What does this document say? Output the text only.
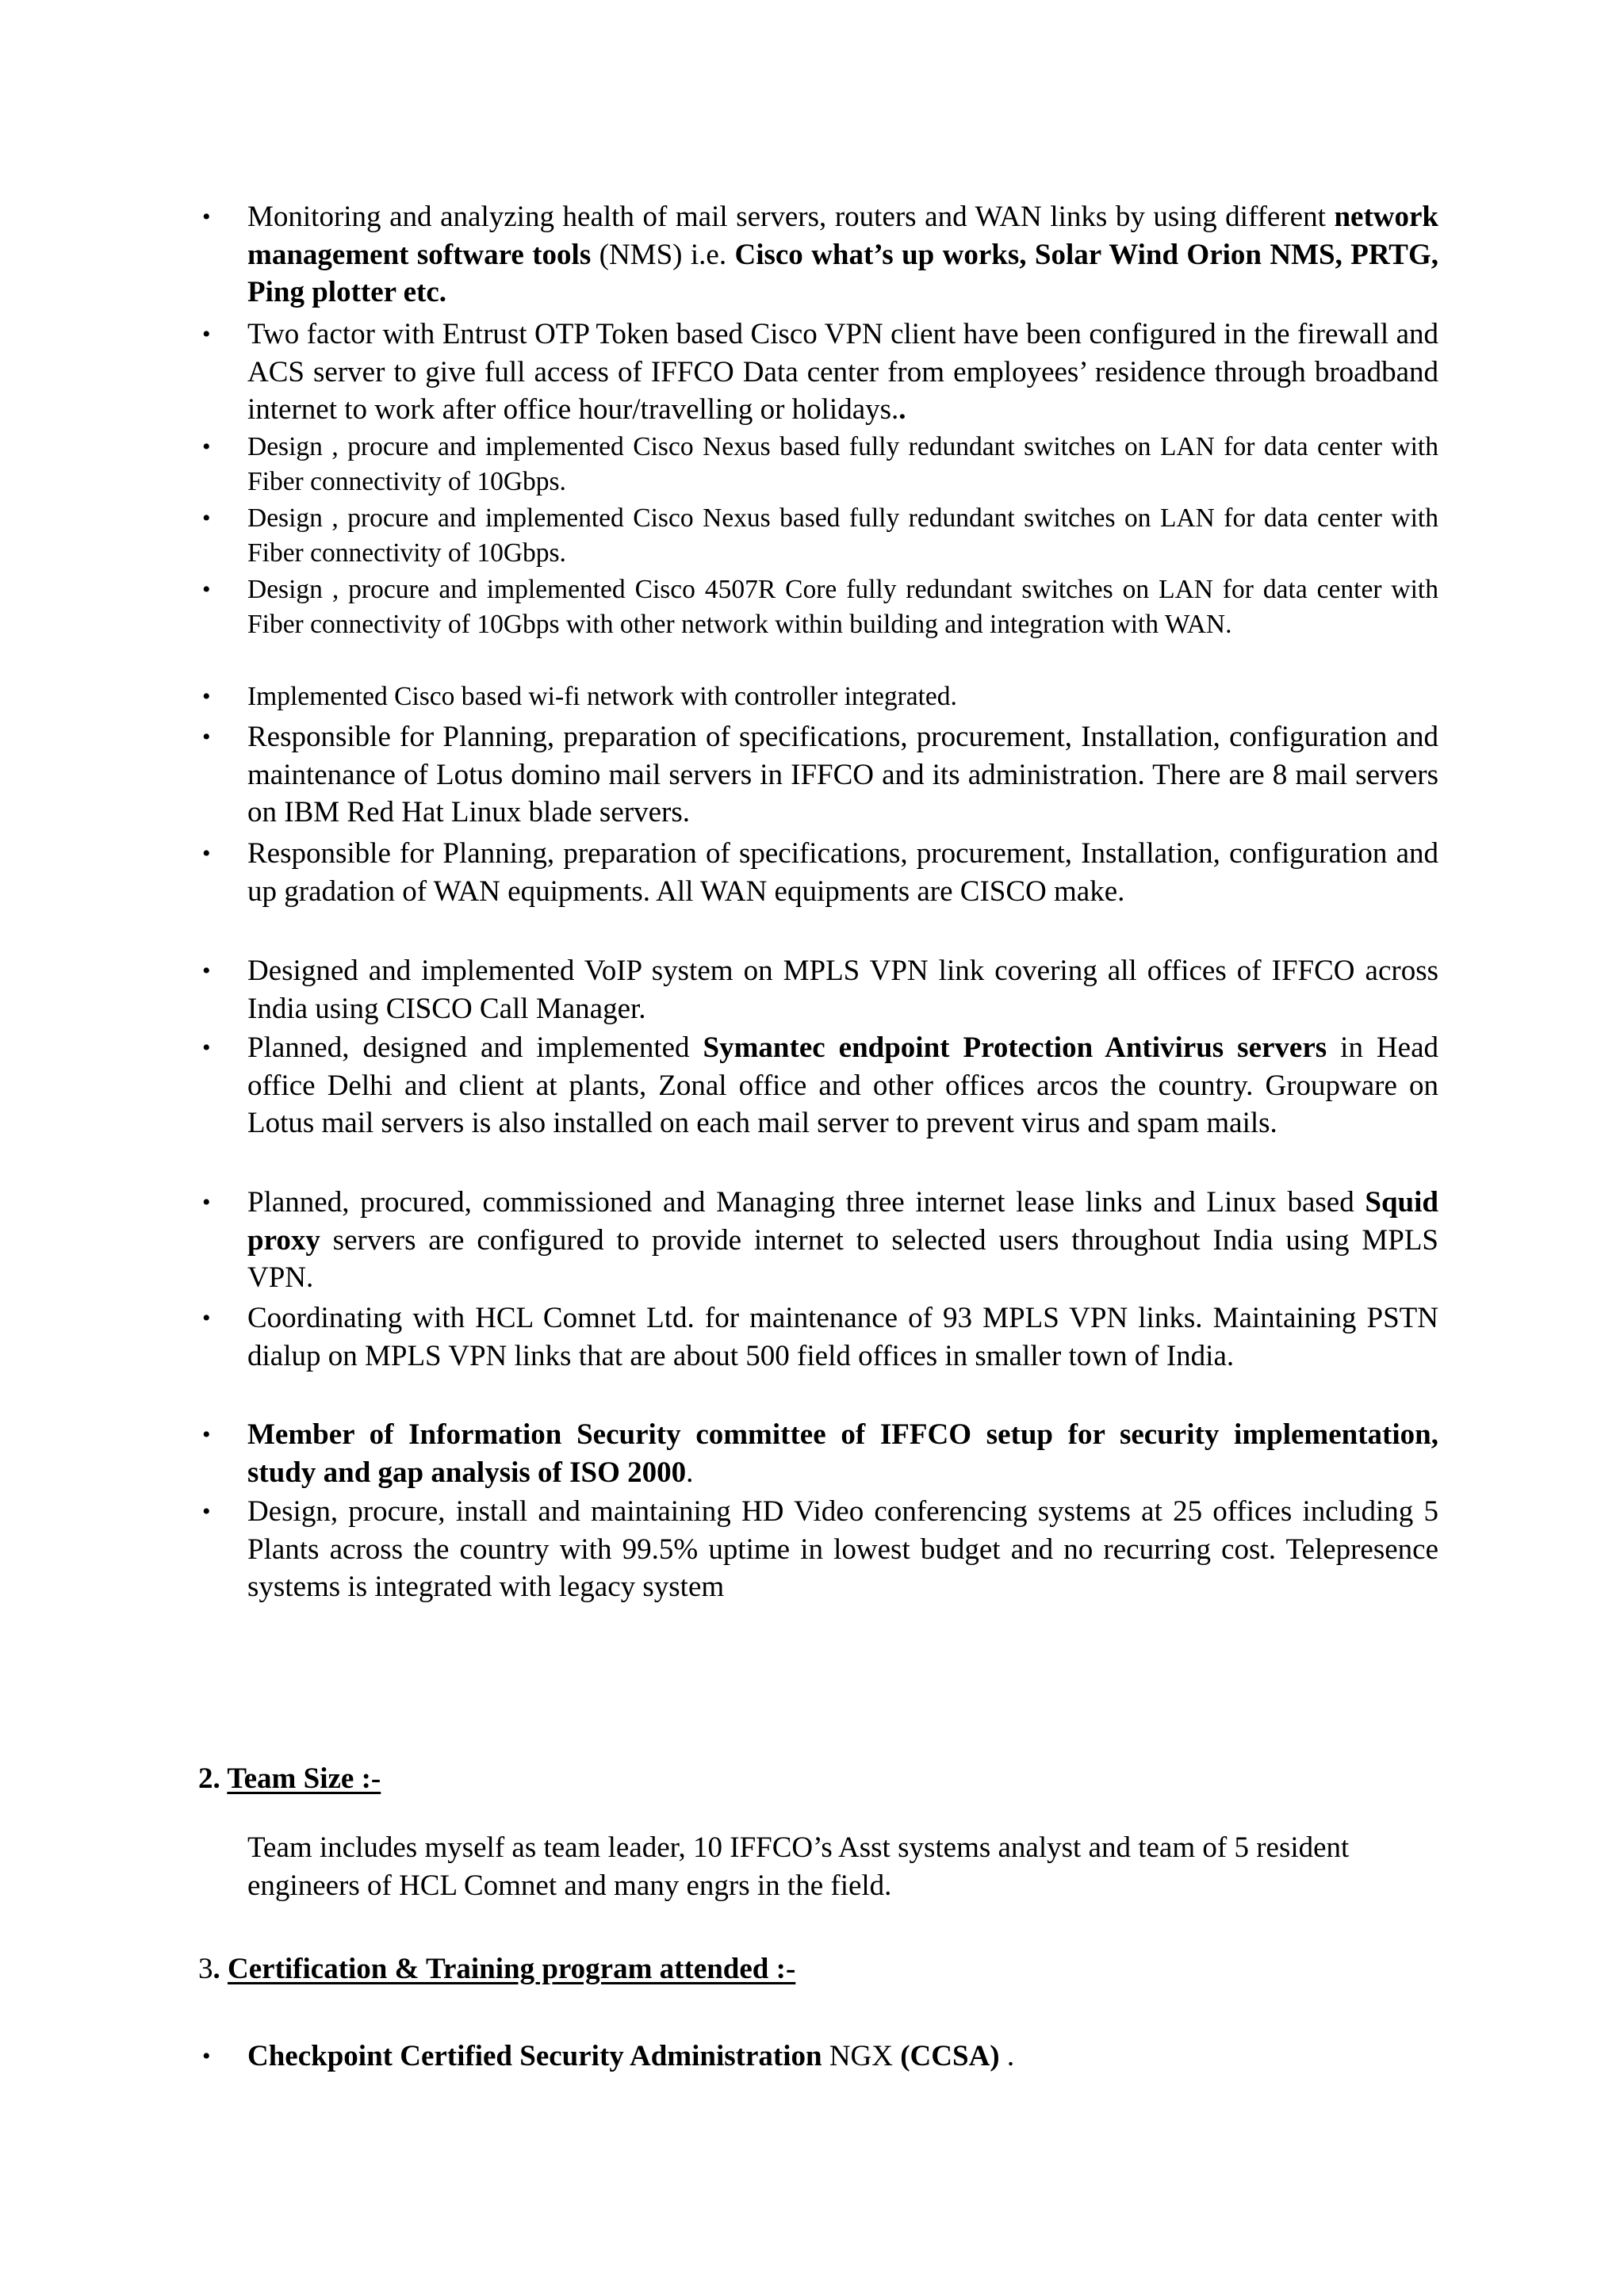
• Monitoring and analyzing health of mail servers, routers and WAN links by using different network management software tools (NMS) i.e. Cisco what’s up works, Solar Wind Orion NMS, PRTG, Ping plotter etc.
• Two factor with Entrust OTP Token based Cisco VPN client have been configured in the firewall and ACS server to give full access of IFFCO Data center from employees’ residence through broadband internet to work after office hour/travelling or holidays..
• Design , procure and implemented Cisco Nexus based fully redundant switches on LAN for data center with Fiber connectivity of 10Gbps.
• Design , procure and implemented Cisco Nexus based fully redundant switches on LAN for data center with Fiber connectivity of 10Gbps.
• Design , procure and implemented Cisco 4507R Core fully redundant switches on LAN for data center with Fiber connectivity of 10Gbps with other network within building and integration with WAN.
• Implemented Cisco based wi-fi network with controller integrated.
• Responsible for Planning, preparation of specifications, procurement, Installation, configuration and maintenance of Lotus domino mail servers in IFFCO and its administration. There are 8 mail servers on IBM Red Hat Linux blade servers.
• Responsible for Planning, preparation of specifications, procurement, Installation, configuration and up gradation of WAN equipments. All WAN equipments are CISCO make.
• Designed and implemented VoIP system on MPLS VPN link covering all offices of IFFCO across India using CISCO Call Manager.
• Planned, designed and implemented Symantec endpoint Protection Antivirus servers in Head office Delhi and client at plants, Zonal office and other offices arcos the country. Groupware on Lotus mail servers is also installed on each mail server to prevent virus and spam mails.
• Planned, procured, commissioned and Managing three internet lease links and Linux based Squid proxy servers are configured to provide internet to selected users throughout India using MPLS VPN.
• Coordinating with HCL Comnet Ltd. for maintenance of 93 MPLS VPN links. Maintaining PSTN dialup on MPLS VPN links that are about 500 field offices in smaller town of India.
• Member of Information Security committee of IFFCO setup for security implementation, study and gap analysis of ISO 2000.
• Design, procure, install and maintaining HD Video conferencing systems at 25 offices including 5 Plants across the country with 99.5% uptime in lowest budget and no recurring cost. Telepresence systems is integrated with legacy system
2. Team Size :-
Team includes myself as team leader, 10 IFFCO’s Asst systems analyst and team of 5 resident engineers of HCL Comnet and many engrs in the field.
3. Certification & Training program attended :-
• Checkpoint Certified Security Administration NGX (CCSA) .
